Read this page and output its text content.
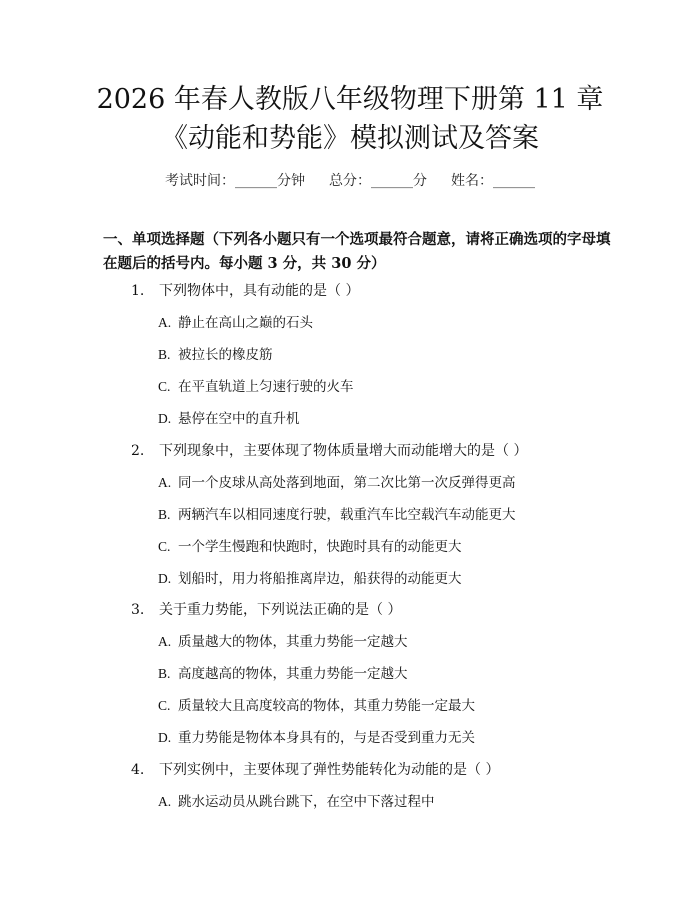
2026 年春人教版八年级物理下册第 11 章
《动能和势能》模拟测试及答案
考试时间：______分钟 总分：______分 姓名：______
一、单项选择题（下列各小题只有一个选项最符合题意，请将正确选项的字母填在题后的括号内。每小题 3 分，共 30 分）
1. 下列物体中，具有动能的是（ ）
A. 静止在高山之巅的石头
B. 被拉长的橡皮筋
C. 在平直轨道上匀速行驶的火车
D. 悬停在空中的直升机
2. 下列现象中，主要体现了物体质量增大而动能增大的是（ ）
A. 同一个皮球从高处落到地面，第二次比第一次反弹得更高
B. 两辆汽车以相同速度行驶，载重汽车比空载汽车动能更大
C. 一个学生慢跑和快跑时，快跑时具有的动能更大
D. 划船时，用力将船推离岸边，船获得的动能更大
3. 关于重力势能，下列说法正确的是（ ）
A. 质量越大的物体，其重力势能一定越大
B. 高度越高的物体，其重力势能一定越大
C. 质量较大且高度较高的物体，其重力势能一定最大
D. 重力势能是物体本身具有的，与是否受到重力无关
4. 下列实例中，主要体现了弹性势能转化为动能的是（ ）
A. 跳水运动员从跳台跳下，在空中下落过程中
